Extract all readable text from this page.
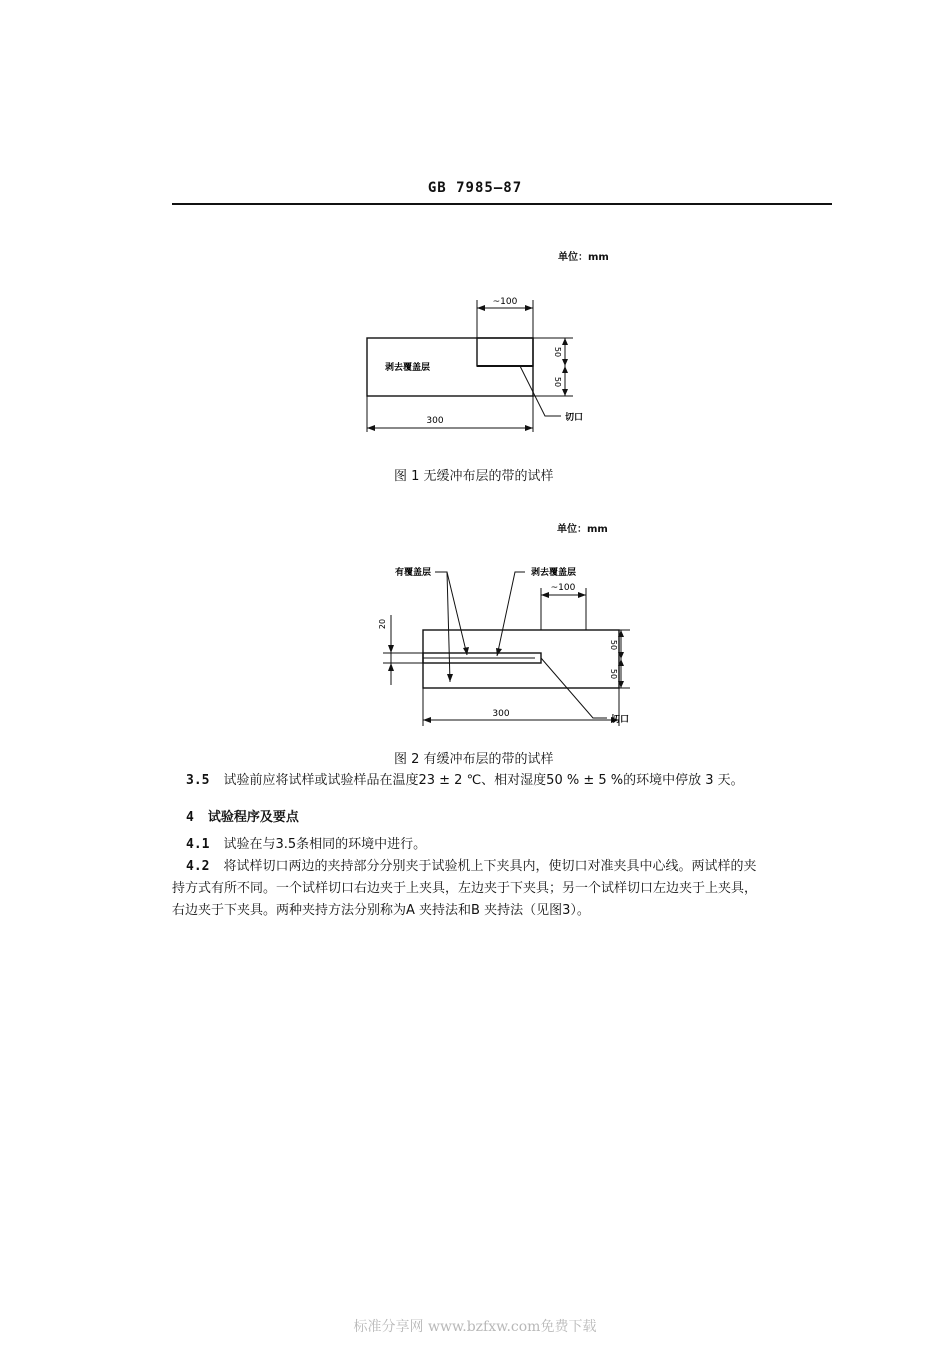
GB 7985—87
单位：mm
~100
50
50
300
剥去覆盖层
切口
图 1 无缓冲布层的带的试样
单位：mm
~100
20
50
50
300
有覆盖层	剥去覆盖层
切口
图 2 有缓冲布层的带的试样
3.5 试验前应将试样或试验样品在温度23 ± 2 ℃、相对湿度50 % ± 5 %的环境中停放 3 天。
4 试验程序及要点
4.1 试验在与3.5条相同的环境中进行。
4.2 将试样切口两边的夹持部分分别夹于试验机上下夹具内，使切口对准夹具中心线。两试样的夹
持方式有所不同。一个试样切口右边夹于上夹具，左边夹于下夹具；另一个试样切口左边夹于上夹具，
右边夹于下夹具。两种夹持方法分别称为A 夹持法和B 夹持法（见图3）。
标准分享网 www.bzfxw.com免费下载
